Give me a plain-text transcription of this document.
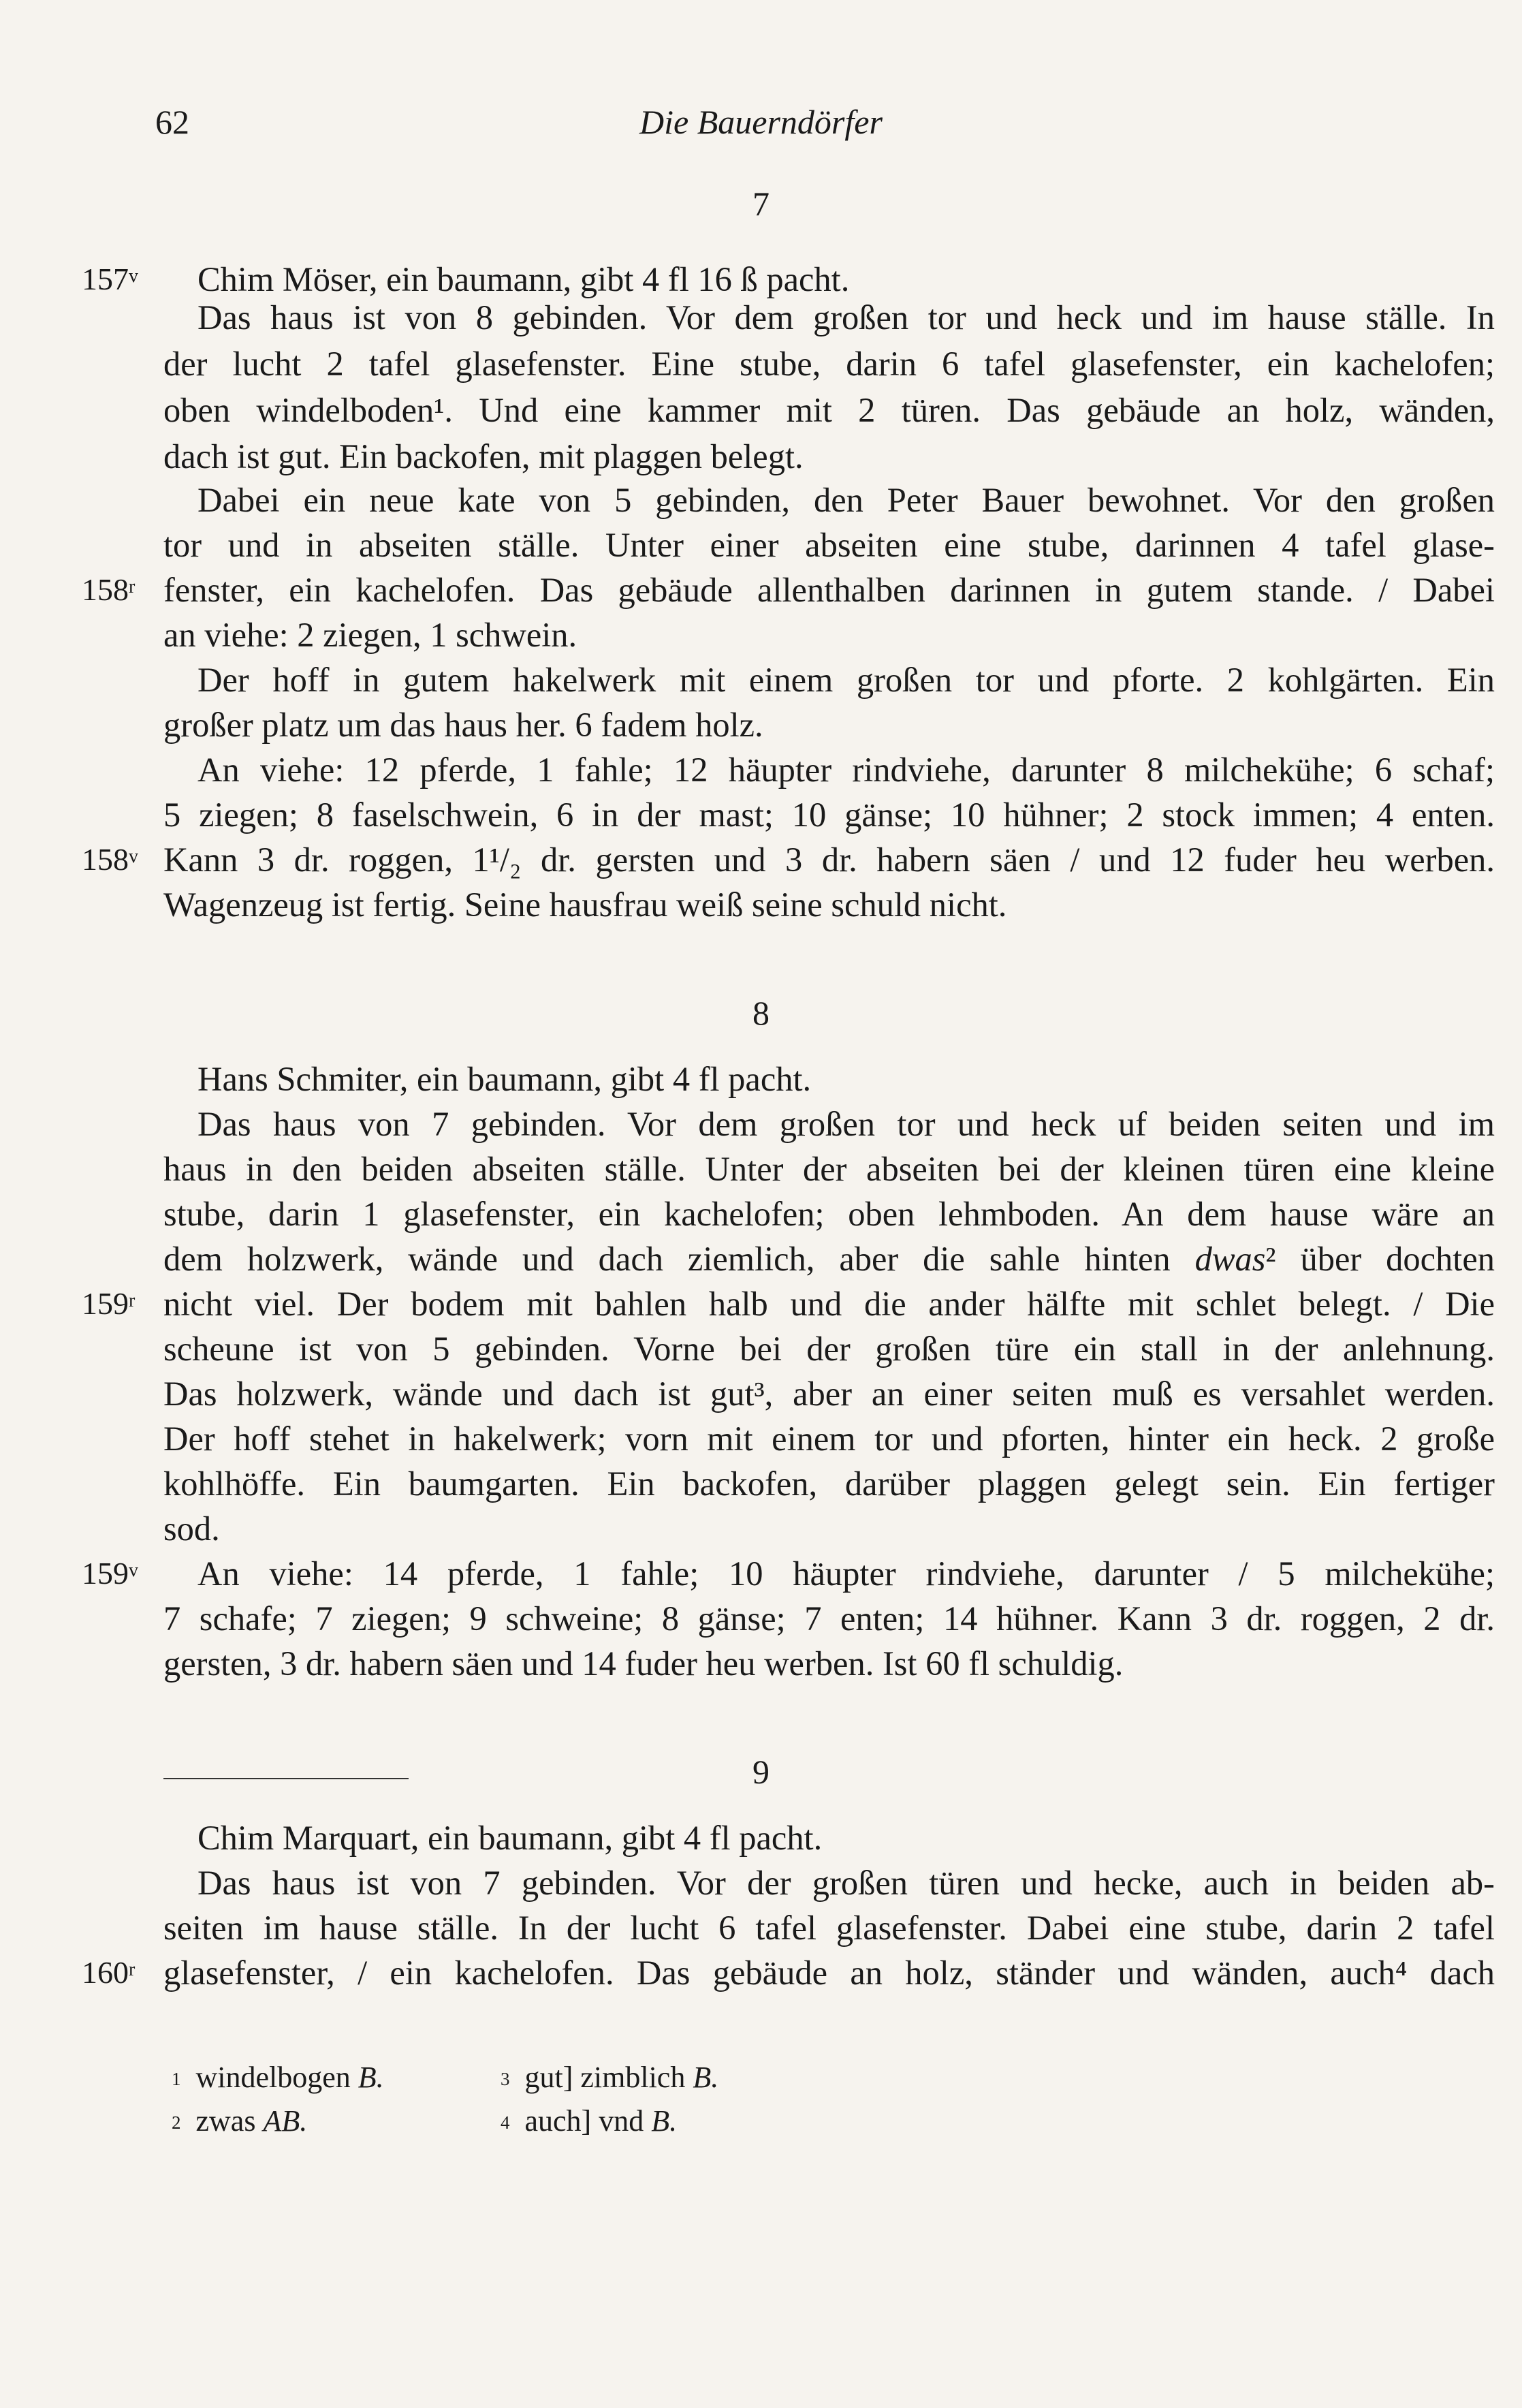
62	Die Bauerndörfer
7
Chim Möser, ein baumann, gibt 4 fl 16 ß pacht.
Das haus ist von 8 gebinden. Vor dem großen tor und heck und im hause ställe. In
der lucht 2 tafel glasefenster. Eine stube, darin 6 tafel glasefenster, ein kachelofen;
oben windelboden¹. Und eine kammer mit 2 türen. Das gebäude an holz, wänden,
dach ist gut. Ein backofen, mit plaggen belegt.
Dabei ein neue kate von 5 gebinden, den Peter Bauer bewohnet. Vor den großen
tor und in abseiten ställe. Unter einer abseiten eine stube, darinnen 4 tafel glase-
fenster, ein kachelofen. Das gebäude allenthalben darinnen in gutem stande. / Dabei
an viehe: 2 ziegen, 1 schwein.
Der hoff in gutem hakelwerk mit einem großen tor und pforte. 2 kohlgärten. Ein
großer platz um das haus her. 6 fadem holz.
An viehe: 12 pferde, 1 fahle; 12 häupter rindviehe, darunter 8 milchekühe; 6 schaf;
5 ziegen; 8 faselschwein, 6 in der mast; 10 gänse; 10 hühner; 2 stock immen; 4 enten.
Kann 3 dr. roggen, 1¹/₂ dr. gersten und 3 dr. habern säen / und 12 fuder heu werben.
Wagenzeug ist fertig. Seine hausfrau weiß seine schuld nicht.
8
Hans Schmiter, ein baumann, gibt 4 fl pacht.
Das haus von 7 gebinden. Vor dem großen tor und heck uf beiden seiten und im
haus in den beiden abseiten ställe. Unter der abseiten bei der kleinen türen eine kleine
stube, darin 1 glasefenster, ein kachelofen; oben lehmboden. An dem hause wäre an
dem holzwerk, wände und dach ziemlich, aber die sahle hinten dwas² über dochten
nicht viel. Der bodem mit bahlen halb und die ander hälfte mit schlet belegt. / Die
scheune ist von 5 gebinden. Vorne bei der großen türe ein stall in der anlehnung.
Das holzwerk, wände und dach ist gut³, aber an einer seiten muß es versahlet werden.
Der hoff stehet in hakelwerk; vorn mit einem tor und pforten, hinter ein heck. 2 große
kohlhöffe. Ein baumgarten. Ein backofen, darüber plaggen gelegt sein. Ein fertiger
sod.
An viehe: 14 pferde, 1 fahle; 10 häupter rindviehe, darunter / 5 milchekühe;
7 schafe; 7 ziegen; 9 schweine; 8 gänse; 7 enten; 14 hühner. Kann 3 dr. roggen, 2 dr.
gersten, 3 dr. habern säen und 14 fuder heu werben. Ist 60 fl schuldig.
9
Chim Marquart, ein baumann, gibt 4 fl pacht.
Das haus ist von 7 gebinden. Vor der großen türen und hecke, auch in beiden ab-
seiten im hause ställe. In der lucht 6 tafel glasefenster. Dabei eine stube, darin 2 tafel
glasefenster, / ein kachelofen. Das gebäude an holz, ständer und wänden, auch⁴ dach
157$^v$
158$^r$
158$^v$
159$^r$
159$^v$
160$^r$
$^1$ windelbogen B.
$^2$ zwas AB.
$^3$ gut] zimblich B.
$^4$ auch] vnd B.
